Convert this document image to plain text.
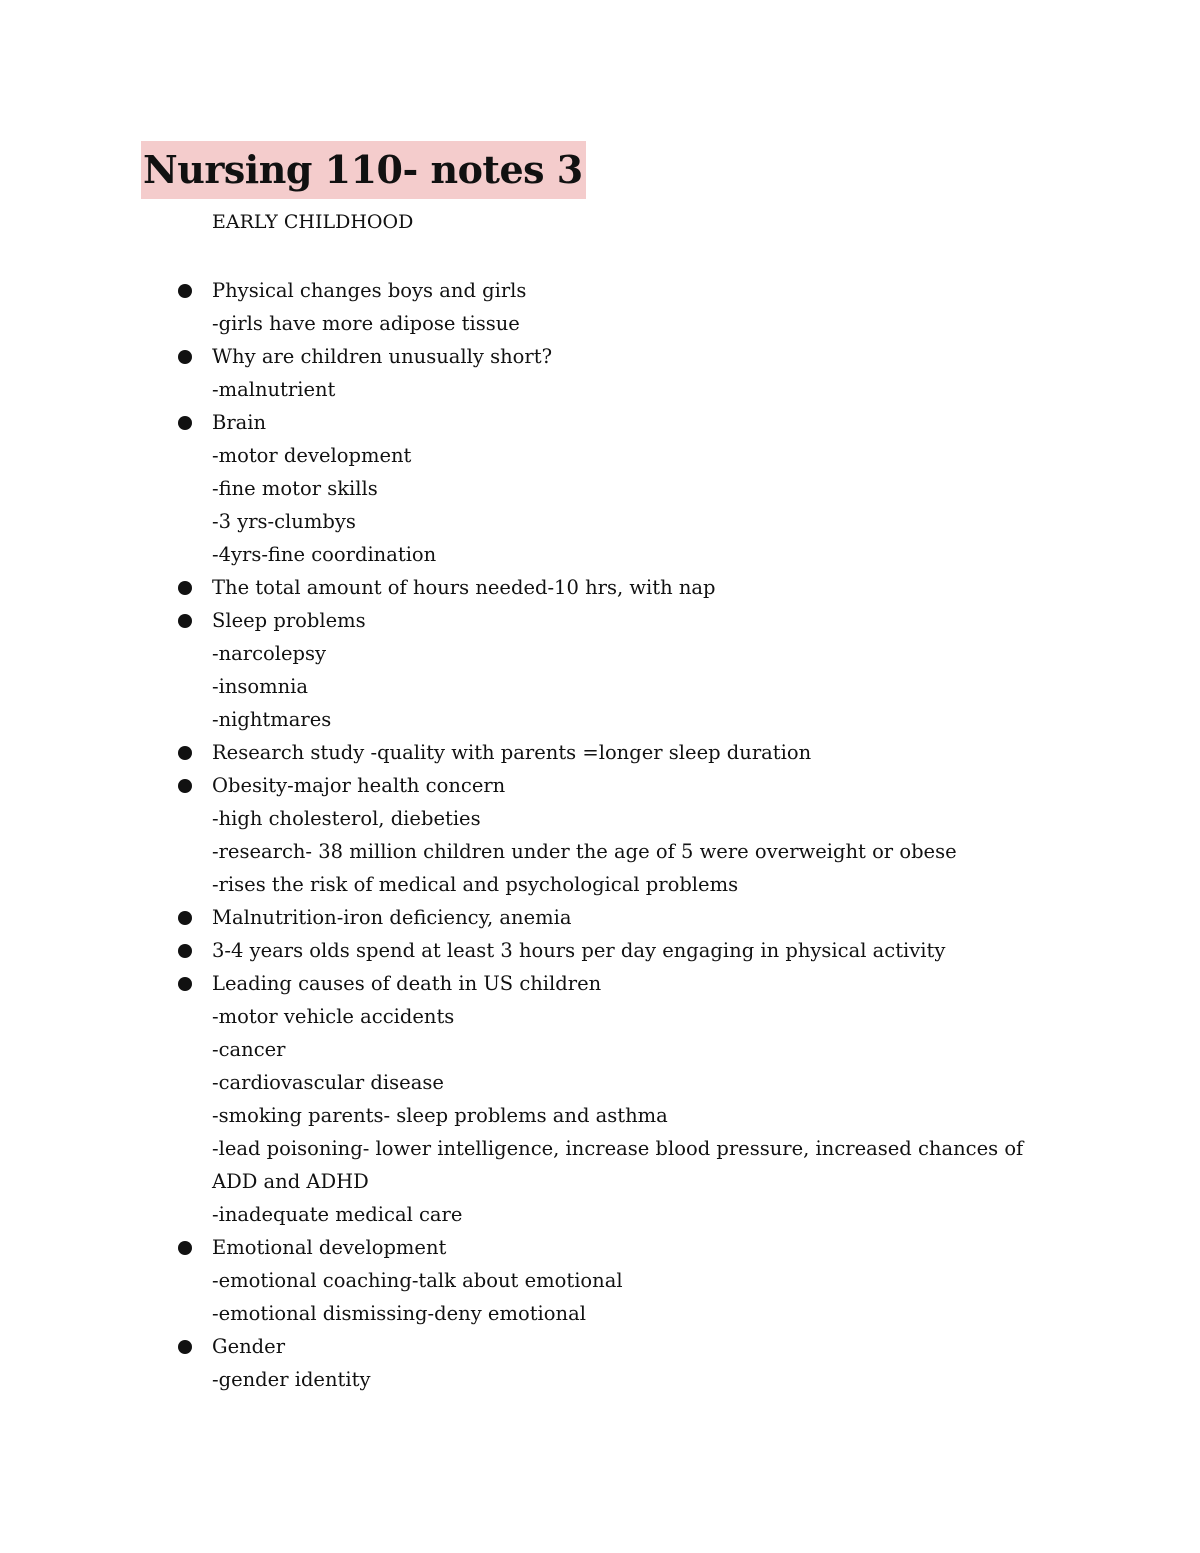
Nursing 110- notes 3
EARLY CHILDHOOD
Physical changes boys and girls
-girls have more adipose tissue
Why are children unusually short?
-malnutrient
Brain
-motor development
-fine motor skills
-3 yrs-clumbys
-4yrs-fine coordination
The total amount of hours needed-10 hrs, with nap
Sleep problems
-narcolepsy
-insomnia
-nightmares
Research study -quality with parents =longer sleep duration
Obesity-major health concern
-high cholesterol, diebeties
-research- 38 million children under the age of 5 were overweight or obese
-rises the risk of medical and psychological problems
Malnutrition-iron deficiency, anemia
3-4 years olds spend at least 3 hours per day engaging in physical activity
Leading causes of death in US children
-motor vehicle accidents
-cancer
-cardiovascular disease
-smoking parents- sleep problems and asthma
-lead poisoning- lower intelligence, increase blood pressure, increased chances of
ADD and ADHD
-inadequate medical care
Emotional development
-emotional coaching-talk about emotional
-emotional dismissing-deny emotional
Gender
-gender identity
